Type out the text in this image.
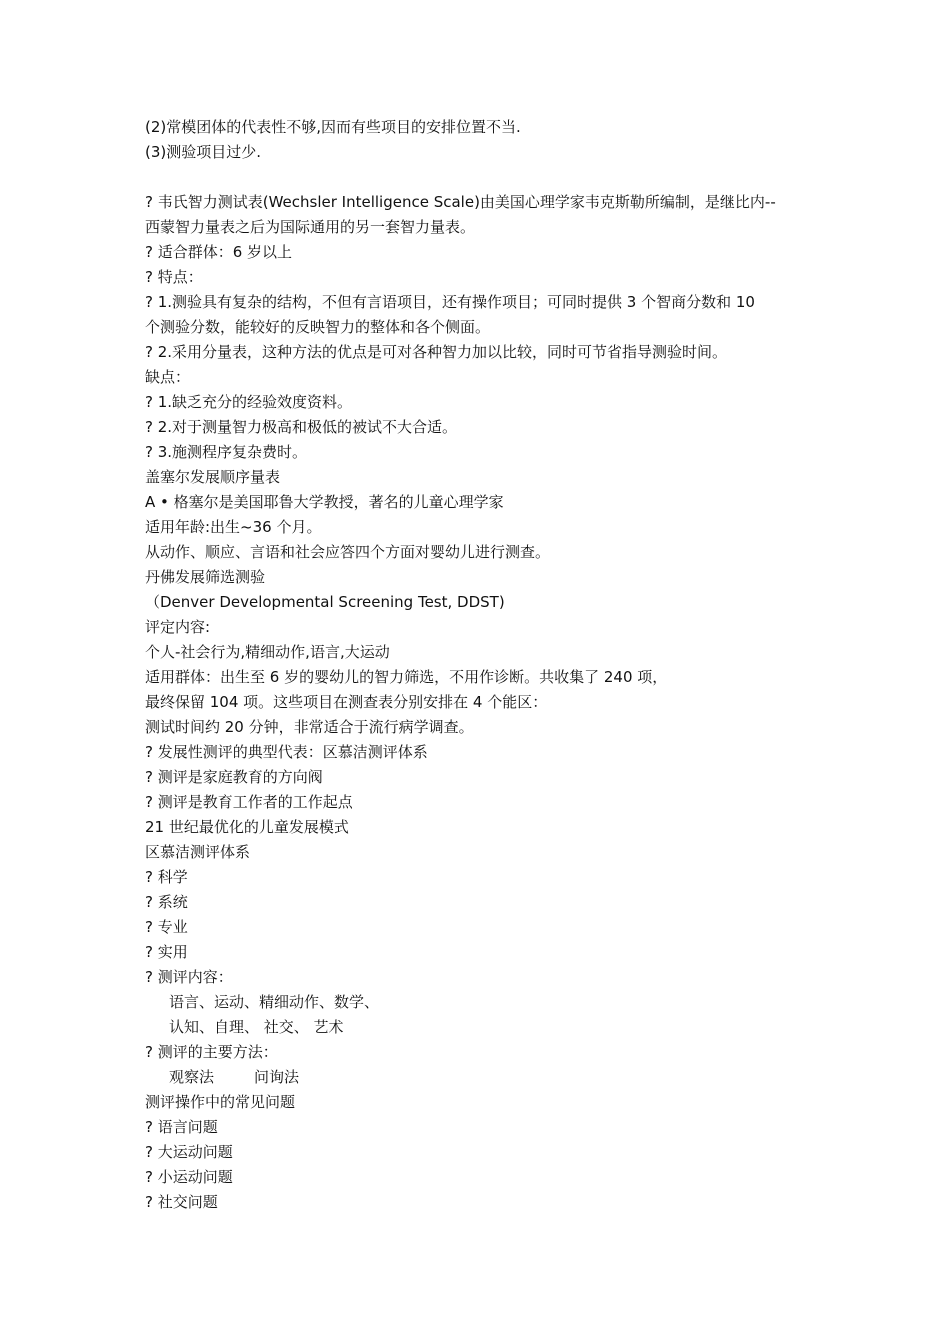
(2)常模团体的代表性不够,因而有些项目的安排位置不当.
(3)测验项目过少.
? 韦氏智力测试表(Wechsler Intelligence Scale)由美国心理学家韦克斯勒所编制，是继比内--
西蒙智力量表之后为国际通用的另一套智力量表。
? 适合群体：6 岁以上
? 特点：
? 1.测验具有复杂的结构，不但有言语项目，还有操作项目；可同时提供 3 个智商分数和 10
个测验分数，能较好的反映智力的整体和各个侧面。
? 2.采用分量表，这种方法的优点是可对各种智力加以比较，同时可节省指导测验时间。
缺点：
? 1.缺乏充分的经验效度资料。
? 2.对于测量智力极高和极低的被试不大合适。
? 3.施测程序复杂费时。
盖塞尔发展顺序量表
A • 格塞尔是美国耶鲁大学教授，著名的儿童心理学家
适用年龄:出生~36 个月。
从动作、顺应、言语和社会应答四个方面对婴幼儿进行测查。
丹佛发展筛选测验
（Denver Developmental Screening Test, DDST)
评定内容:
个人-社会行为,精细动作,语言,大运动
适用群体：出生至 6 岁的婴幼儿的智力筛选，不用作诊断。共收集了 240 项，
最终保留 104 项。这些项目在测查表分别安排在 4 个能区：
测试时间约 20 分钟，非常适合于流行病学调查。
? 发展性测评的典型代表：区慕洁测评体系
? 测评是家庭教育的方向阀
? 测评是教育工作者的工作起点
21 世纪最优化的儿童发展模式
区慕洁测评体系
? 科学
? 系统
? 专业
? 实用
? 测评内容：
语言、运动、精细动作、数学、
认知、自理、 社交、 艺术
? 测评的主要方法：
观察法	问询法
测评操作中的常见问题
? 语言问题
? 大运动问题
? 小运动问题
? 社交问题
